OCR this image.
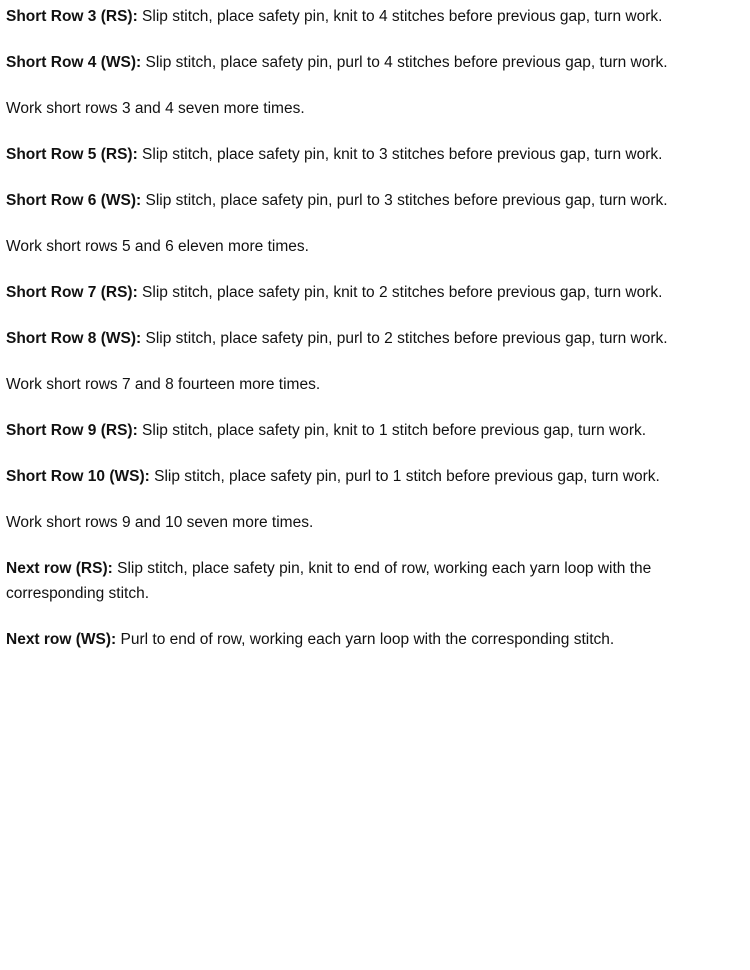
Short Row 3 (RS): Slip stitch, place safety pin, knit to 4 stitches before previous gap, turn work.

Short Row 4 (WS): Slip stitch, place safety pin, purl to 4 stitches before previous gap, turn work.

Work short rows 3 and 4 seven more times.

Short Row 5 (RS): Slip stitch, place safety pin, knit to 3 stitches before previous gap, turn work.

Short Row 6 (WS): Slip stitch, place safety pin, purl to 3 stitches before previous gap, turn work.

Work short rows 5 and 6 eleven more times.

Short Row 7 (RS): Slip stitch, place safety pin, knit to 2 stitches before previous gap, turn work.

Short Row 8 (WS): Slip stitch, place safety pin, purl to 2 stitches before previous gap, turn work.

Work short rows 7 and 8 fourteen more times.

Short Row 9 (RS): Slip stitch, place safety pin, knit to 1 stitch before previous gap, turn work.

Short Row 10 (WS): Slip stitch, place safety pin, purl to 1 stitch before previous gap, turn work.

Work short rows 9 and 10 seven more times.

Next row (RS): Slip stitch, place safety pin, knit to end of row, working each yarn loop with the corresponding stitch.

Next row (WS): Purl to end of row, working each yarn loop with the corresponding stitch.
